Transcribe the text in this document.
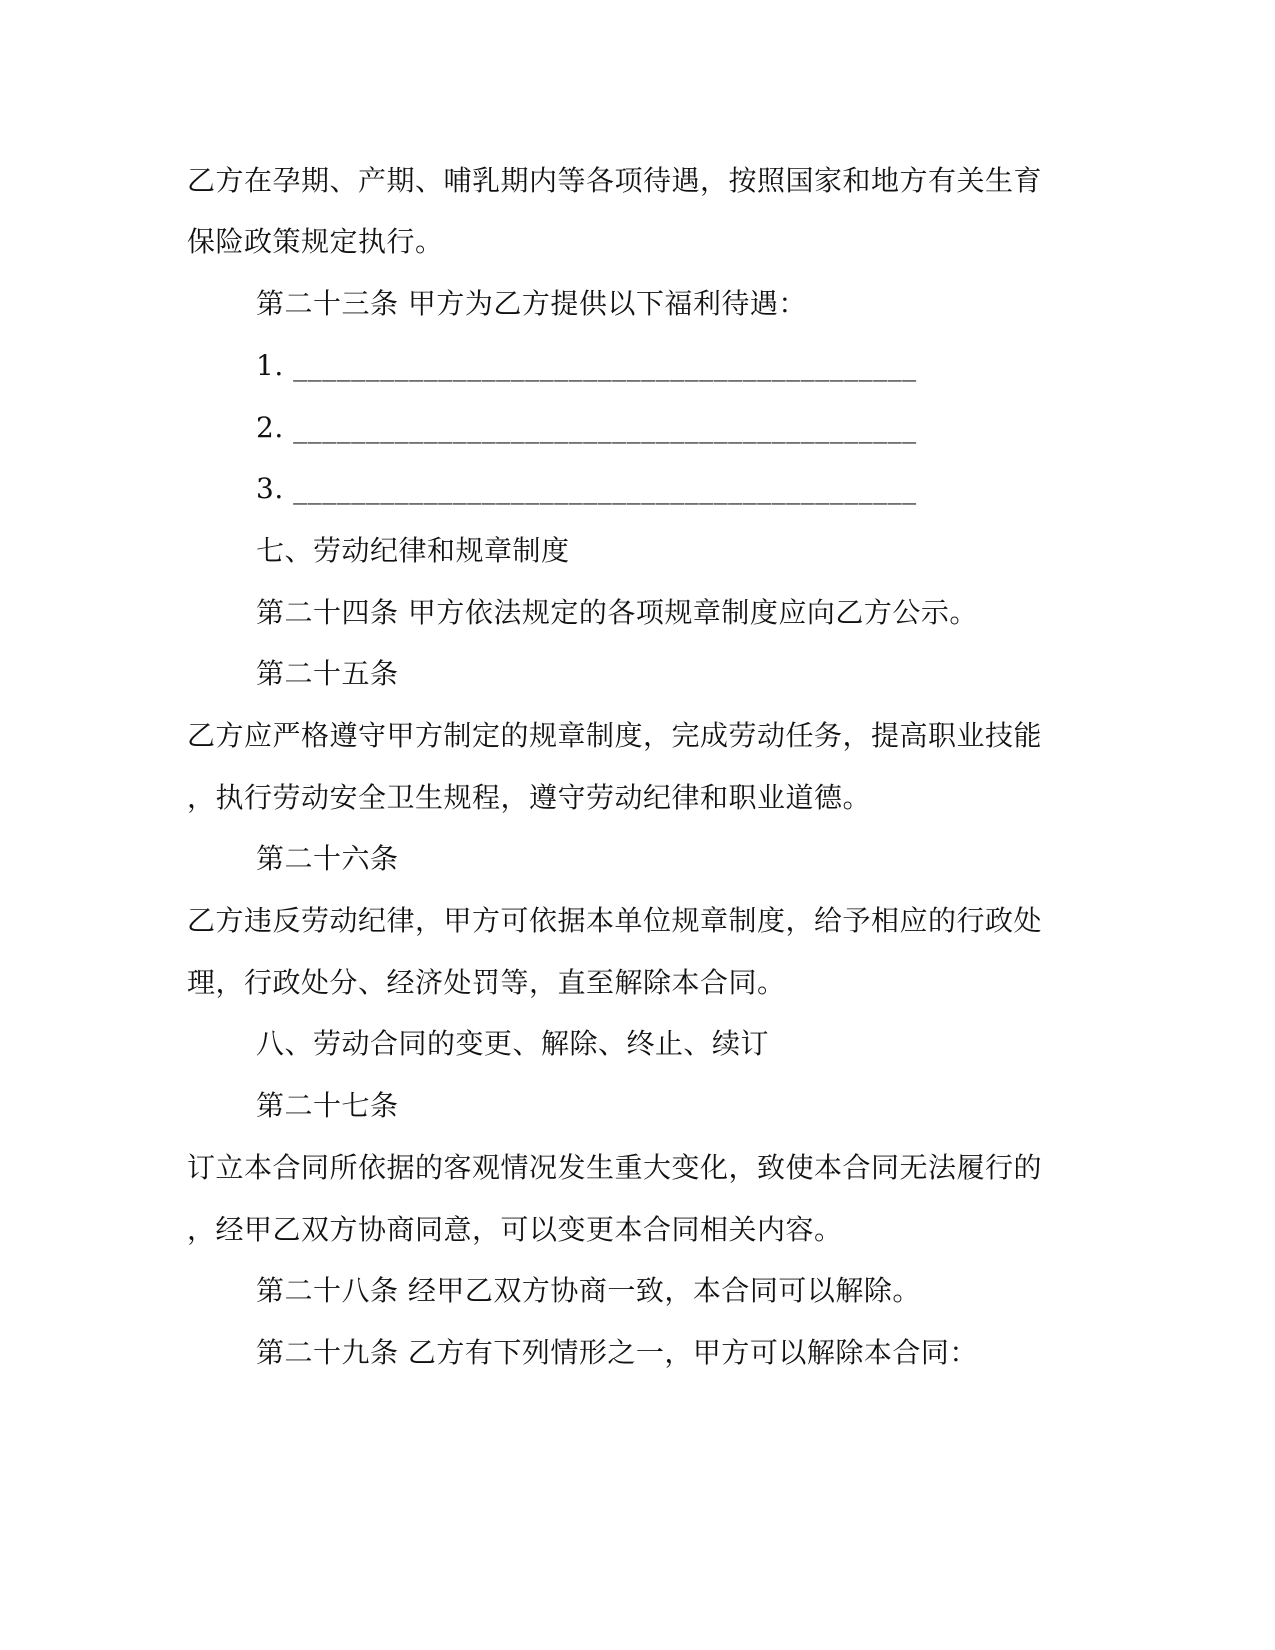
乙方在孕期、产期、哺乳期内等各项待遇，按照国家和地方有关生育
保险政策规定执行。
第二十三条 甲方为乙方提供以下福利待遇：
1. ___________________________________________
2. ___________________________________________
3. ___________________________________________
七、劳动纪律和规章制度
第二十四条 甲方依法规定的各项规章制度应向乙方公示。
第二十五条
乙方应严格遵守甲方制定的规章制度，完成劳动任务，提高职业技能
，执行劳动安全卫生规程，遵守劳动纪律和职业道德。
第二十六条
乙方违反劳动纪律，甲方可依据本单位规章制度，给予相应的行政处
理，行政处分、经济处罚等，直至解除本合同。
八、劳动合同的变更、解除、终止、续订
第二十七条
订立本合同所依据的客观情况发生重大变化，致使本合同无法履行的
，经甲乙双方协商同意，可以变更本合同相关内容。
第二十八条 经甲乙双方协商一致，本合同可以解除。
第二十九条 乙方有下列情形之一，甲方可以解除本合同：
